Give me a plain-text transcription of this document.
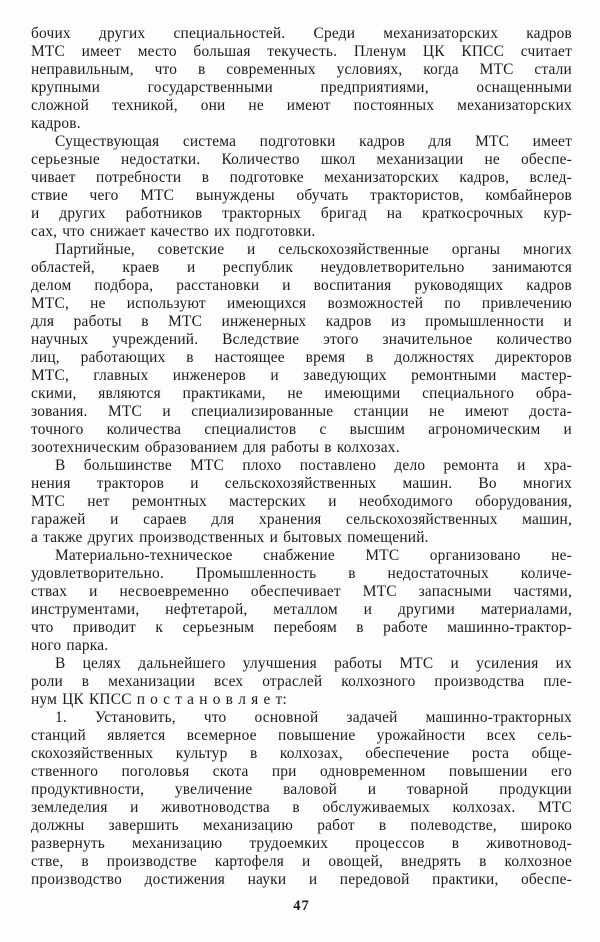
бочих других специальностей. Среди механизаторских кадров
МТС имеет место большая текучесть. Пленум ЦК КПСС считает
неправильным, что в современных условиях, когда МТС стали
крупными государственными предприятиями, оснащенными
сложной техникой, они не имеют постоянных механизаторских
кадров.
Существующая система подготовки кадров для МТС имеет
серьезные недостатки. Количество школ механизации не обеспе-
чивает потребности в подготовке механизаторских кадров, вслед-
ствие чего МТС вынуждены обучать трактористов, комбайнеров
и других работников тракторных бригад на краткосрочных кур-
сах, что снижает качество их подготовки.
Партийные, советские и сельскохозяйственные органы многих
областей, краев и республик неудовлетворительно занимаются
делом подбора, расстановки и воспитания руководящих кадров
МТС, не используют имеющихся возможностей по привлечению
для работы в МТС инженерных кадров из промышленности и
научных учреждений. Вследствие этого значительное количество
лиц, работающих в настоящее время в должностях директоров
МТС, главных инженеров и заведующих ремонтными мастер-
скими, являются практиками, не имеющими специального обра-
зования. МТС и специализированные станции не имеют доста-
точного количества специалистов с высшим агрономическим и
зоотехническим образованием для работы в колхозах.
В большинстве МТС плохо поставлено дело ремонта и хра-
нения тракторов и сельскохозяйственных машин. Во многих
МТС нет ремонтных мастерских и необходимого оборудования,
гаражей и сараев для хранения сельскохозяйственных машин,
а также других производственных и бытовых помещений.
Материально-техническое снабжение МТС организовано не-
удовлетворительно. Промышленность в недостаточных количе-
ствах и несвоевременно обеспечивает МТС запасными частями,
инструментами, нефтетарой, металлом и другими материалами,
что приводит к серьезным перебоям в работе машинно-трактор-
ного парка.
В целях дальнейшего улучшения работы МТС и усиления их
роли в механизации всех отраслей колхозного производства пле-
нум ЦК КПСС п о с т а н о в л я е т:
1. Установить, что основной задачей машинно-тракторных
станций является всемерное повышение урожайности всех сель-
скохозяйственных культур в колхозах, обеспечение роста обще-
ственного поголовья скота при одновременном повышении его
продуктивности, увеличение валовой и товарной продукции
земледелия и животноводства в обслуживаемых колхозах. МТС
должны завершить механизацию работ в полеводстве, широко
развернуть механизацию трудоемких процессов в животновод-
стве, в производстве картофеля и овощей, внедрять в колхозное
производство достижения науки и передовой практики, обеспе-
47
